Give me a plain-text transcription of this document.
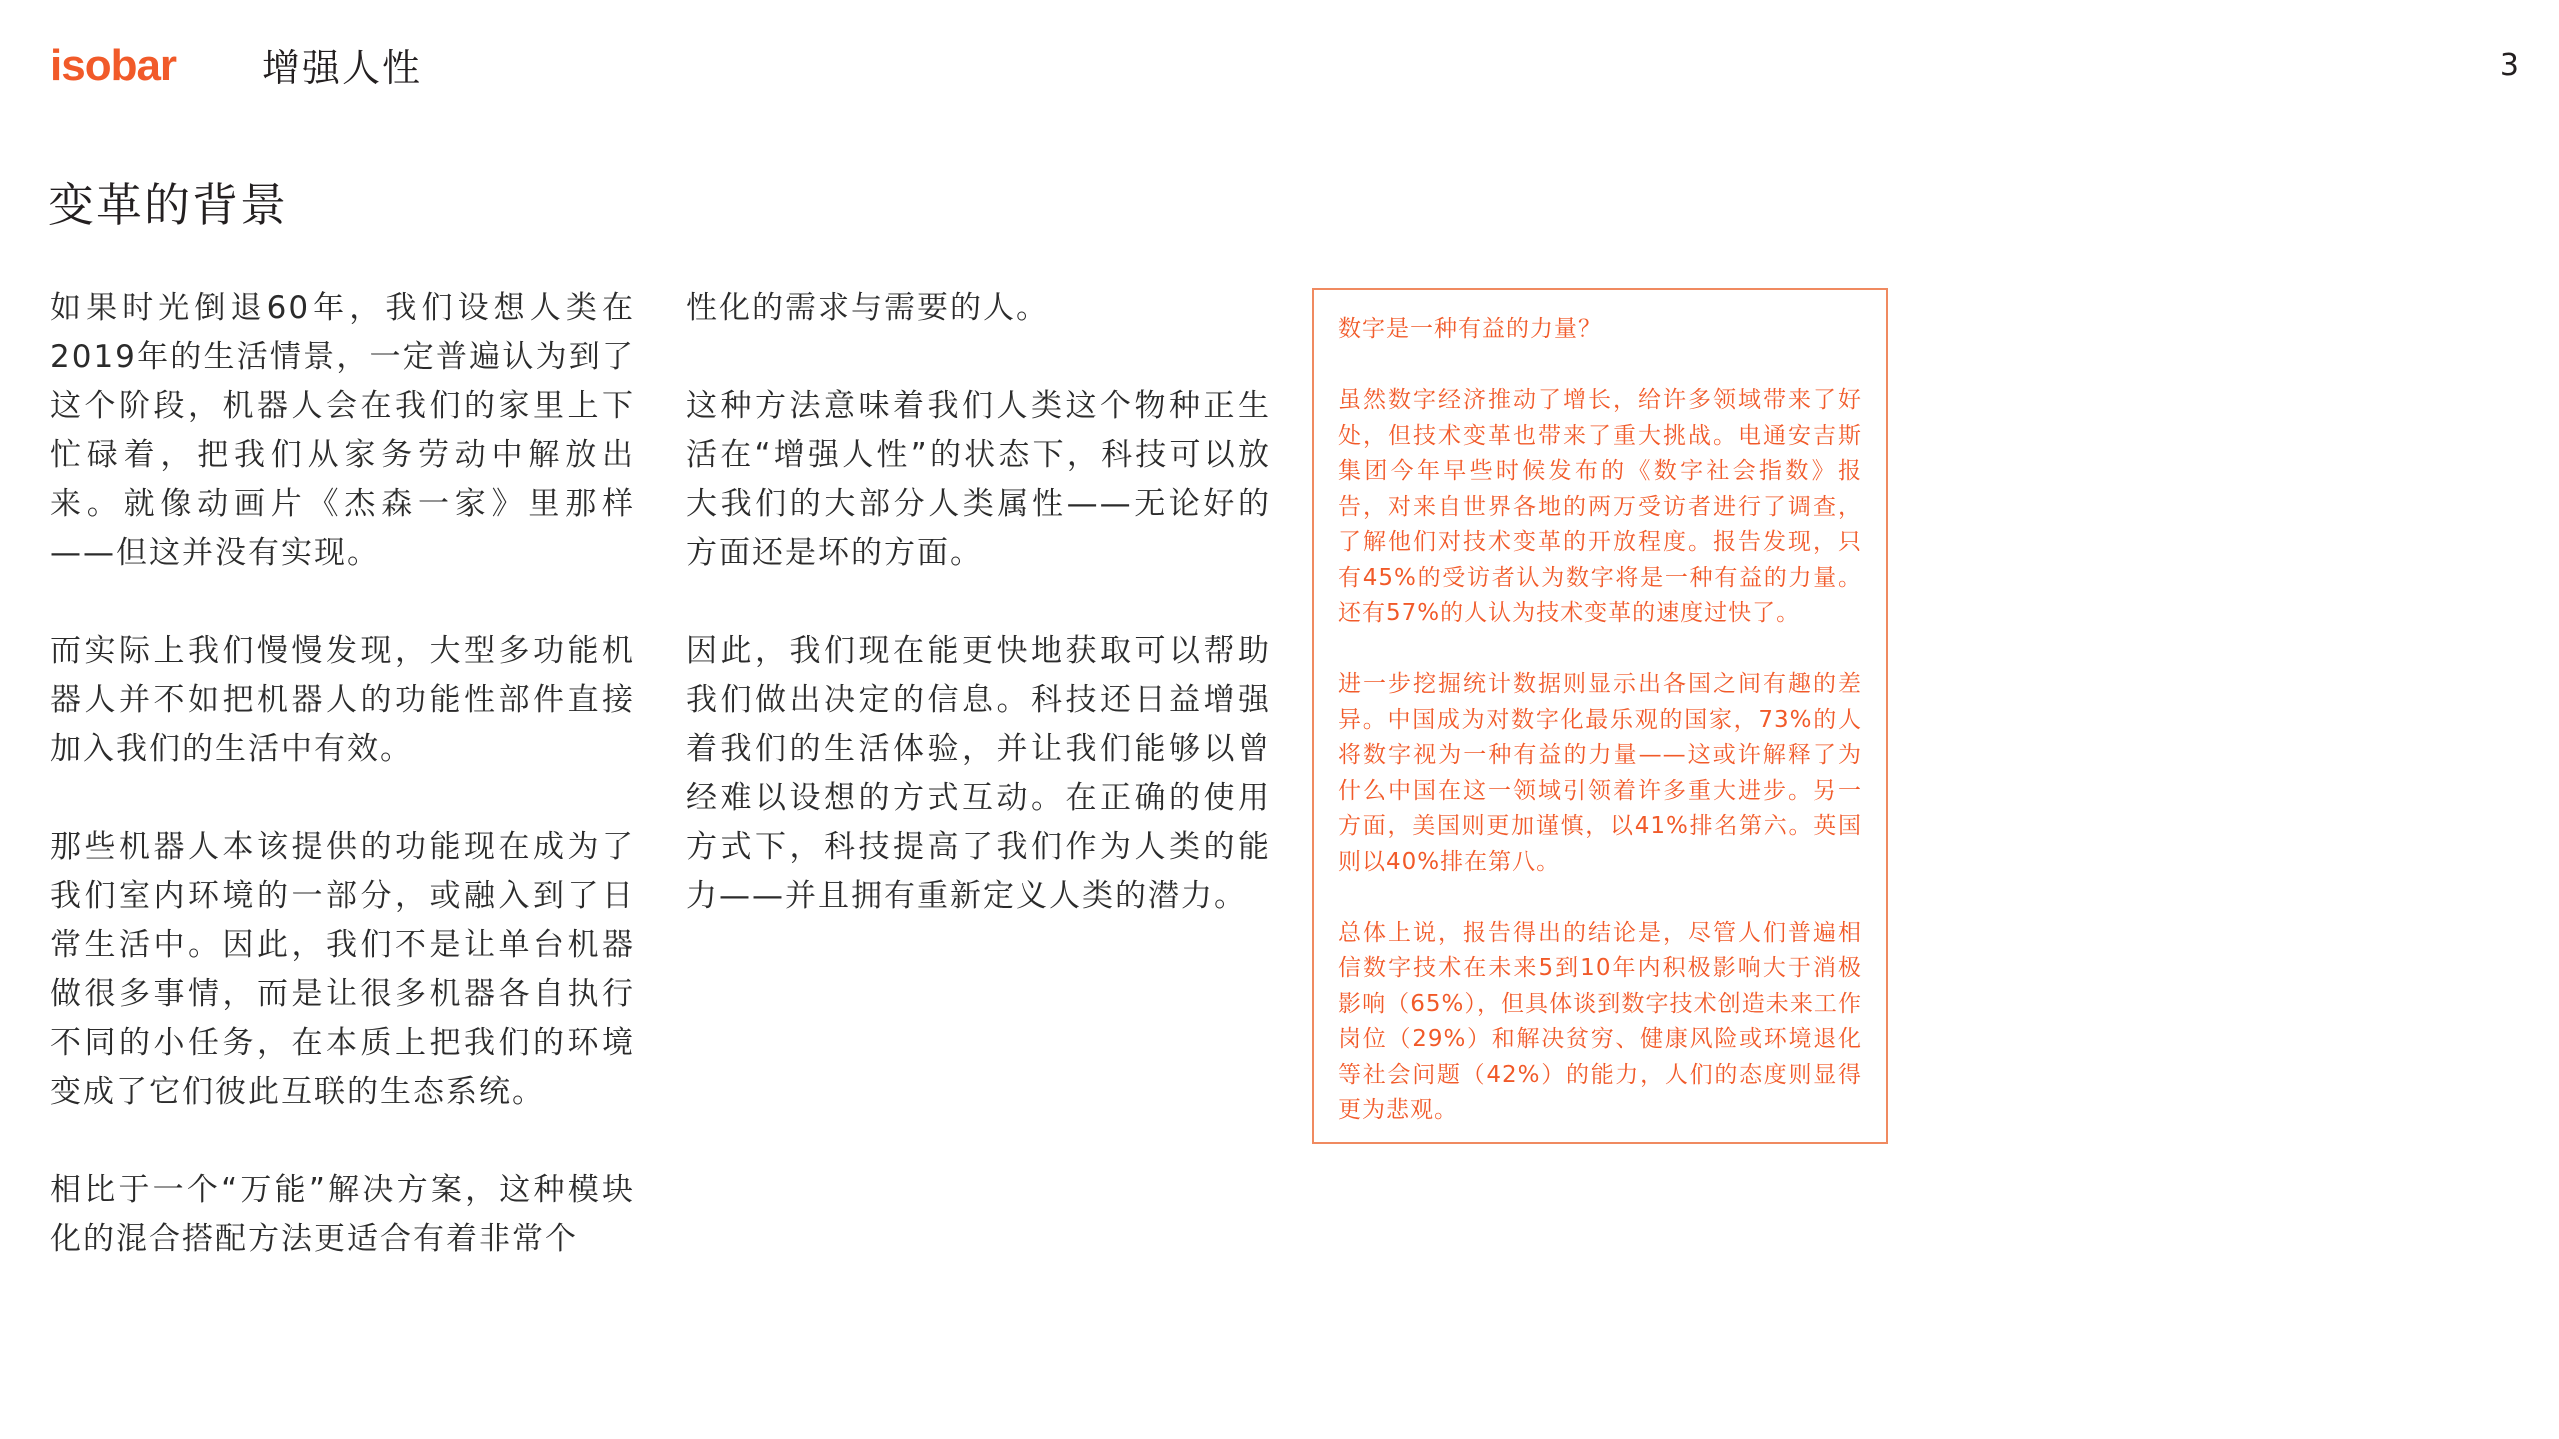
isobar 增强人性	3
变革的背景

如果时光倒退60年，我们设想人类在2019年的生活情景，一定普遍认为到了这个阶段，机器人会在我们的家里上下忙碌着，把我们从家务劳动中解放出来。就像动画片《杰森一家》里那样——但这并没有实现。

而实际上我们慢慢发现，大型多功能机器人并不如把机器人的功能性部件直接加入我们的生活中有效。

那些机器人本该提供的功能现在成为了我们室内环境的一部分，或融入到了日常生活中。因此，我们不是让单台机器做很多事情，而是让很多机器各自执行不同的小任务，在本质上把我们的环境变成了它们彼此互联的生态系统。

相比于一个“万能”解决方案，这种模块化的混合搭配方法更适合有着非常个

性化的需求与需要的人。

这种方法意味着我们人类这个物种正生活在“增强人性”的状态下，科技可以放大我们的大部分人类属性——无论好的方面还是坏的方面。

因此，我们现在能更快地获取可以帮助我们做出决定的信息。科技还日益增强着我们的生活体验，并让我们能够以曾经难以设想的方式互动。在正确的使用方式下，科技提高了我们作为人类的能力——并且拥有重新定义人类的潜力。

数字是一种有益的力量？

虽然数字经济推动了增长，给许多领域带来了好处，但技术变革也带来了重大挑战。电通安吉斯集团今年早些时候发布的《数字社会指数》报告，对来自世界各地的两万受访者进行了调查，了解他们对技术变革的开放程度。报告发现，只有45%的受访者认为数字将是一种有益的力量。还有57%的人认为技术变革的速度过快了。

进一步挖掘统计数据则显示出各国之间有趣的差异。中国成为对数字化最乐观的国家，73%的人将数字视为一种有益的力量——这或许解释了为什么中国在这一领域引领着许多重大进步。另一方面，美国则更加谨慎，以41%排名第六。英国则以40%排在第八。

总体上说，报告得出的结论是，尽管人们普遍相信数字技术在未来5到10年内积极影响大于消极影响（65%），但具体谈到数字技术创造未来工作岗位（29%）和解决贫穷、健康风险或环境退化等社会问题（42%）的能力，人们的态度则显得更为悲观。
